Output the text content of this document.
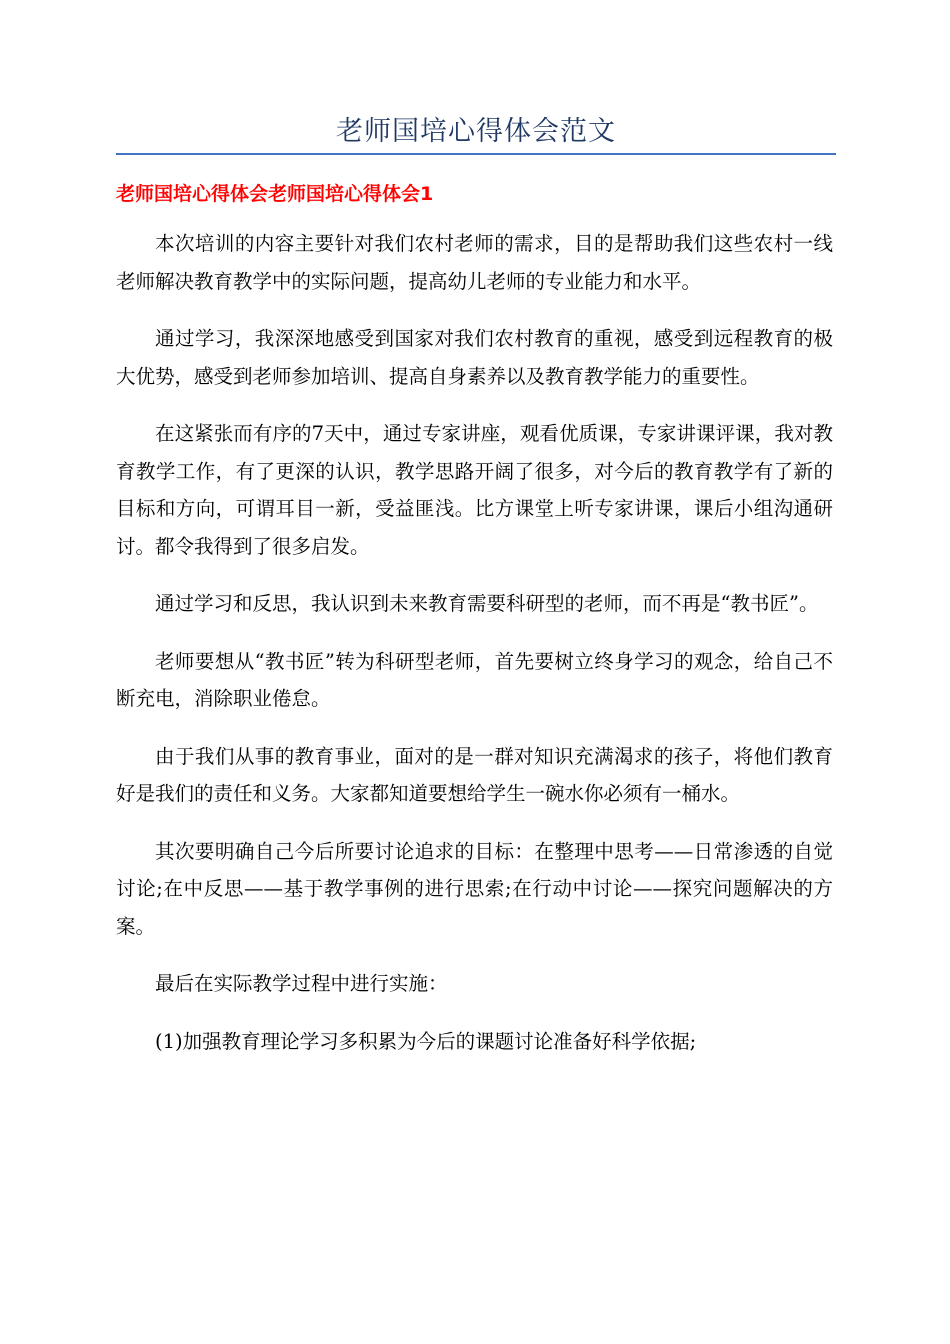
老师国培心得体会范文
老师国培心得体会老师国培心得体会1

本次培训的内容主要针对我们农村老师的需求，目的是帮助我们这些农村一线老师解决教育教学中的实际问题，提高幼儿老师的专业能力和水平。

通过学习，我深深地感受到国家对我们农村教育的重视，感受到远程教育的极大优势，感受到老师参加培训、提高自身素养以及教育教学能力的重要性。

在这紧张而有序的7天中，通过专家讲座，观看优质课，专家讲课评课，我对教育教学工作，有了更深的认识，教学思路开阔了很多，对今后的教育教学有了新的目标和方向，可谓耳目一新，受益匪浅。比方课堂上听专家讲课，课后小组沟通研讨。都令我得到了很多启发。

通过学习和反思，我认识到未来教育需要科研型的老师，而不再是“教书匠”。

老师要想从“教书匠”转为科研型老师，首先要树立终身学习的观念，给自己不断充电，消除职业倦怠。

由于我们从事的教育事业，面对的是一群对知识充满渴求的孩子，将他们教育好是我们的责任和义务。大家都知道要想给学生一碗水你必须有一桶水。

其次要明确自己今后所要讨论追求的目标：在整理中思考——日常渗透的自觉讨论;在中反思——基于教学事例的进行思索;在行动中讨论——探究问题解决的方案。

最后在实际教学过程中进行实施：

(1)加强教育理论学习多积累为今后的课题讨论准备好科学依据;
